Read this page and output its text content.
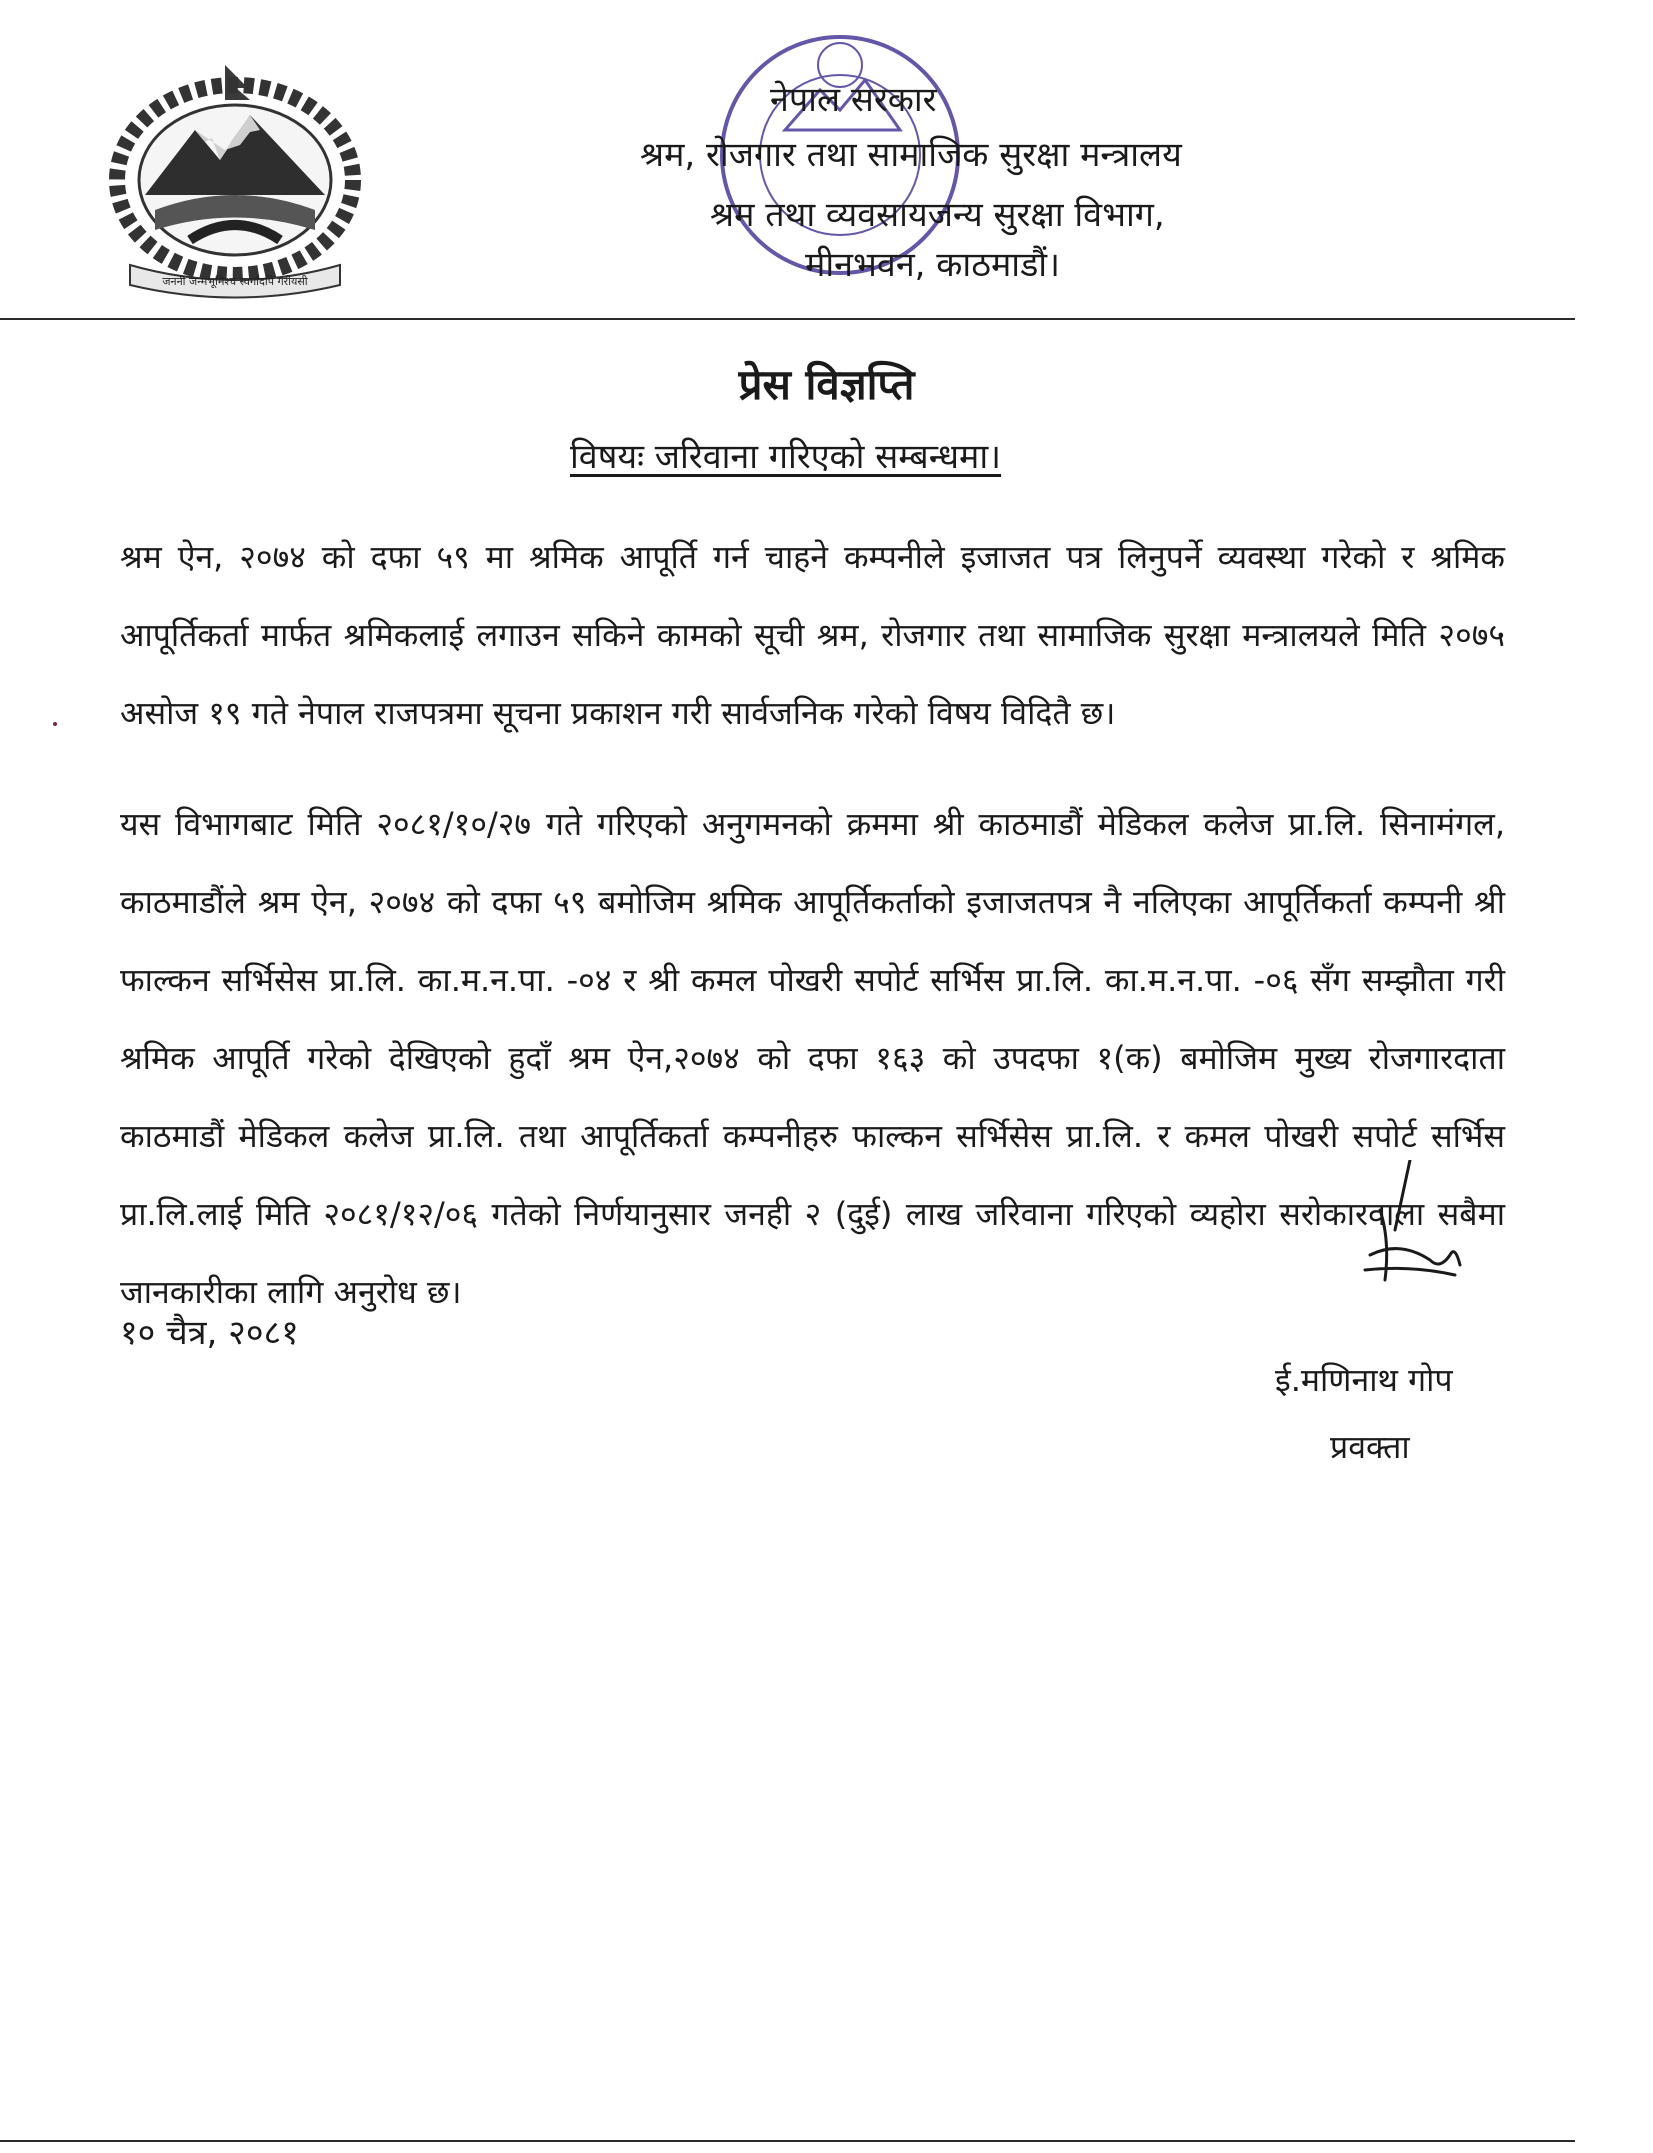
जननी जन्मभूमिश्च स्वर्गादपि गरीयसी
नेपाल सरकार
श्रम, रोजगार तथा सामाजिक सुरक्षा मन्त्रालय
श्रम तथा व्यवसायजन्य सुरक्षा विभाग,
मीनभवन, काठमाडौं।
प्रेस विज्ञप्ति
विषयः जरिवाना गरिएको सम्बन्धमा।

श्रम ऐन, २०७४ को दफा ५९ मा श्रमिक आपूर्ति गर्न चाहने कम्पनीले इजाजत पत्र लिनुपर्ने व्यवस्था गरेको र श्रमिक आपूर्तिकर्ता मार्फत श्रमिकलाई लगाउन सकिने कामको सूची श्रम, रोजगार तथा सामाजिक सुरक्षा मन्त्रालयले मिति २०७५ असोज १९ गते नेपाल राजपत्रमा सूचना प्रकाशन गरी सार्वजनिक गरेको विषय विदितै छ।

यस विभागबाट मिति २०८१/१०/२७ गते गरिएको अनुगमनको क्रममा श्री काठमाडौं मेडिकल कलेज प्रा.लि. सिनामंगल, काठमाडौंले श्रम ऐन, २०७४ को दफा ५९ बमोजिम श्रमिक आपूर्तिकर्ताको इजाजतपत्र नै नलिएका आपूर्तिकर्ता कम्पनी श्री फाल्कन सर्भिसेस प्रा.लि. का.म.न.पा. -०४ र श्री कमल पोखरी सपोर्ट सर्भिस प्रा.लि. का.म.न.पा. -०६ सँग सम्झौता गरी श्रमिक आपूर्ति गरेको देखिएको हुदाँ श्रम ऐन,२०७४ को दफा १६३ को उपदफा १(क) बमोजिम मुख्य रोजगारदाता काठमाडौं मेडिकल कलेज प्रा.लि. तथा आपूर्तिकर्ता कम्पनीहरु फाल्कन सर्भिसेस प्रा.लि. र कमल पोखरी सपोर्ट सर्भिस प्रा.लि.लाई मिति २०८१/१२/०६ गतेको निर्णयानुसार जनही २ (दुई) लाख जरिवाना गरिएको व्यहोरा सरोकारवाला सबैमा जानकारीका लागि अनुरोध छ।

१० चैत्र, २०८१
ई.मणिनाथ गोप
प्रवक्ता
